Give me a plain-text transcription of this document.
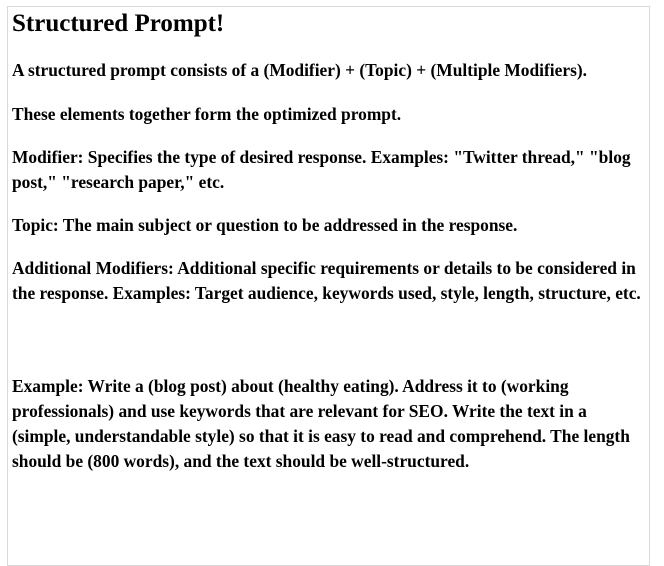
Structured Prompt!

A structured prompt consists of a (Modifier) + (Topic) + (Multiple Modifiers).

These elements together form the optimized prompt.

Modifier: Specifies the type of desired response. Examples: "Twitter thread," "blog post," "research paper," etc.

Topic: The main subject or question to be addressed in the response.

Additional Modifiers: Additional specific requirements or details to be considered in the response. Examples: Target audience, keywords used, style, length, structure, etc.

Example: Write a (blog post) about (healthy eating). Address it to (working professionals) and use keywords that are relevant for SEO. Write the text in a (simple, understandable style) so that it is easy to read and comprehend. The length should be (800 words), and the text should be well-structured.
